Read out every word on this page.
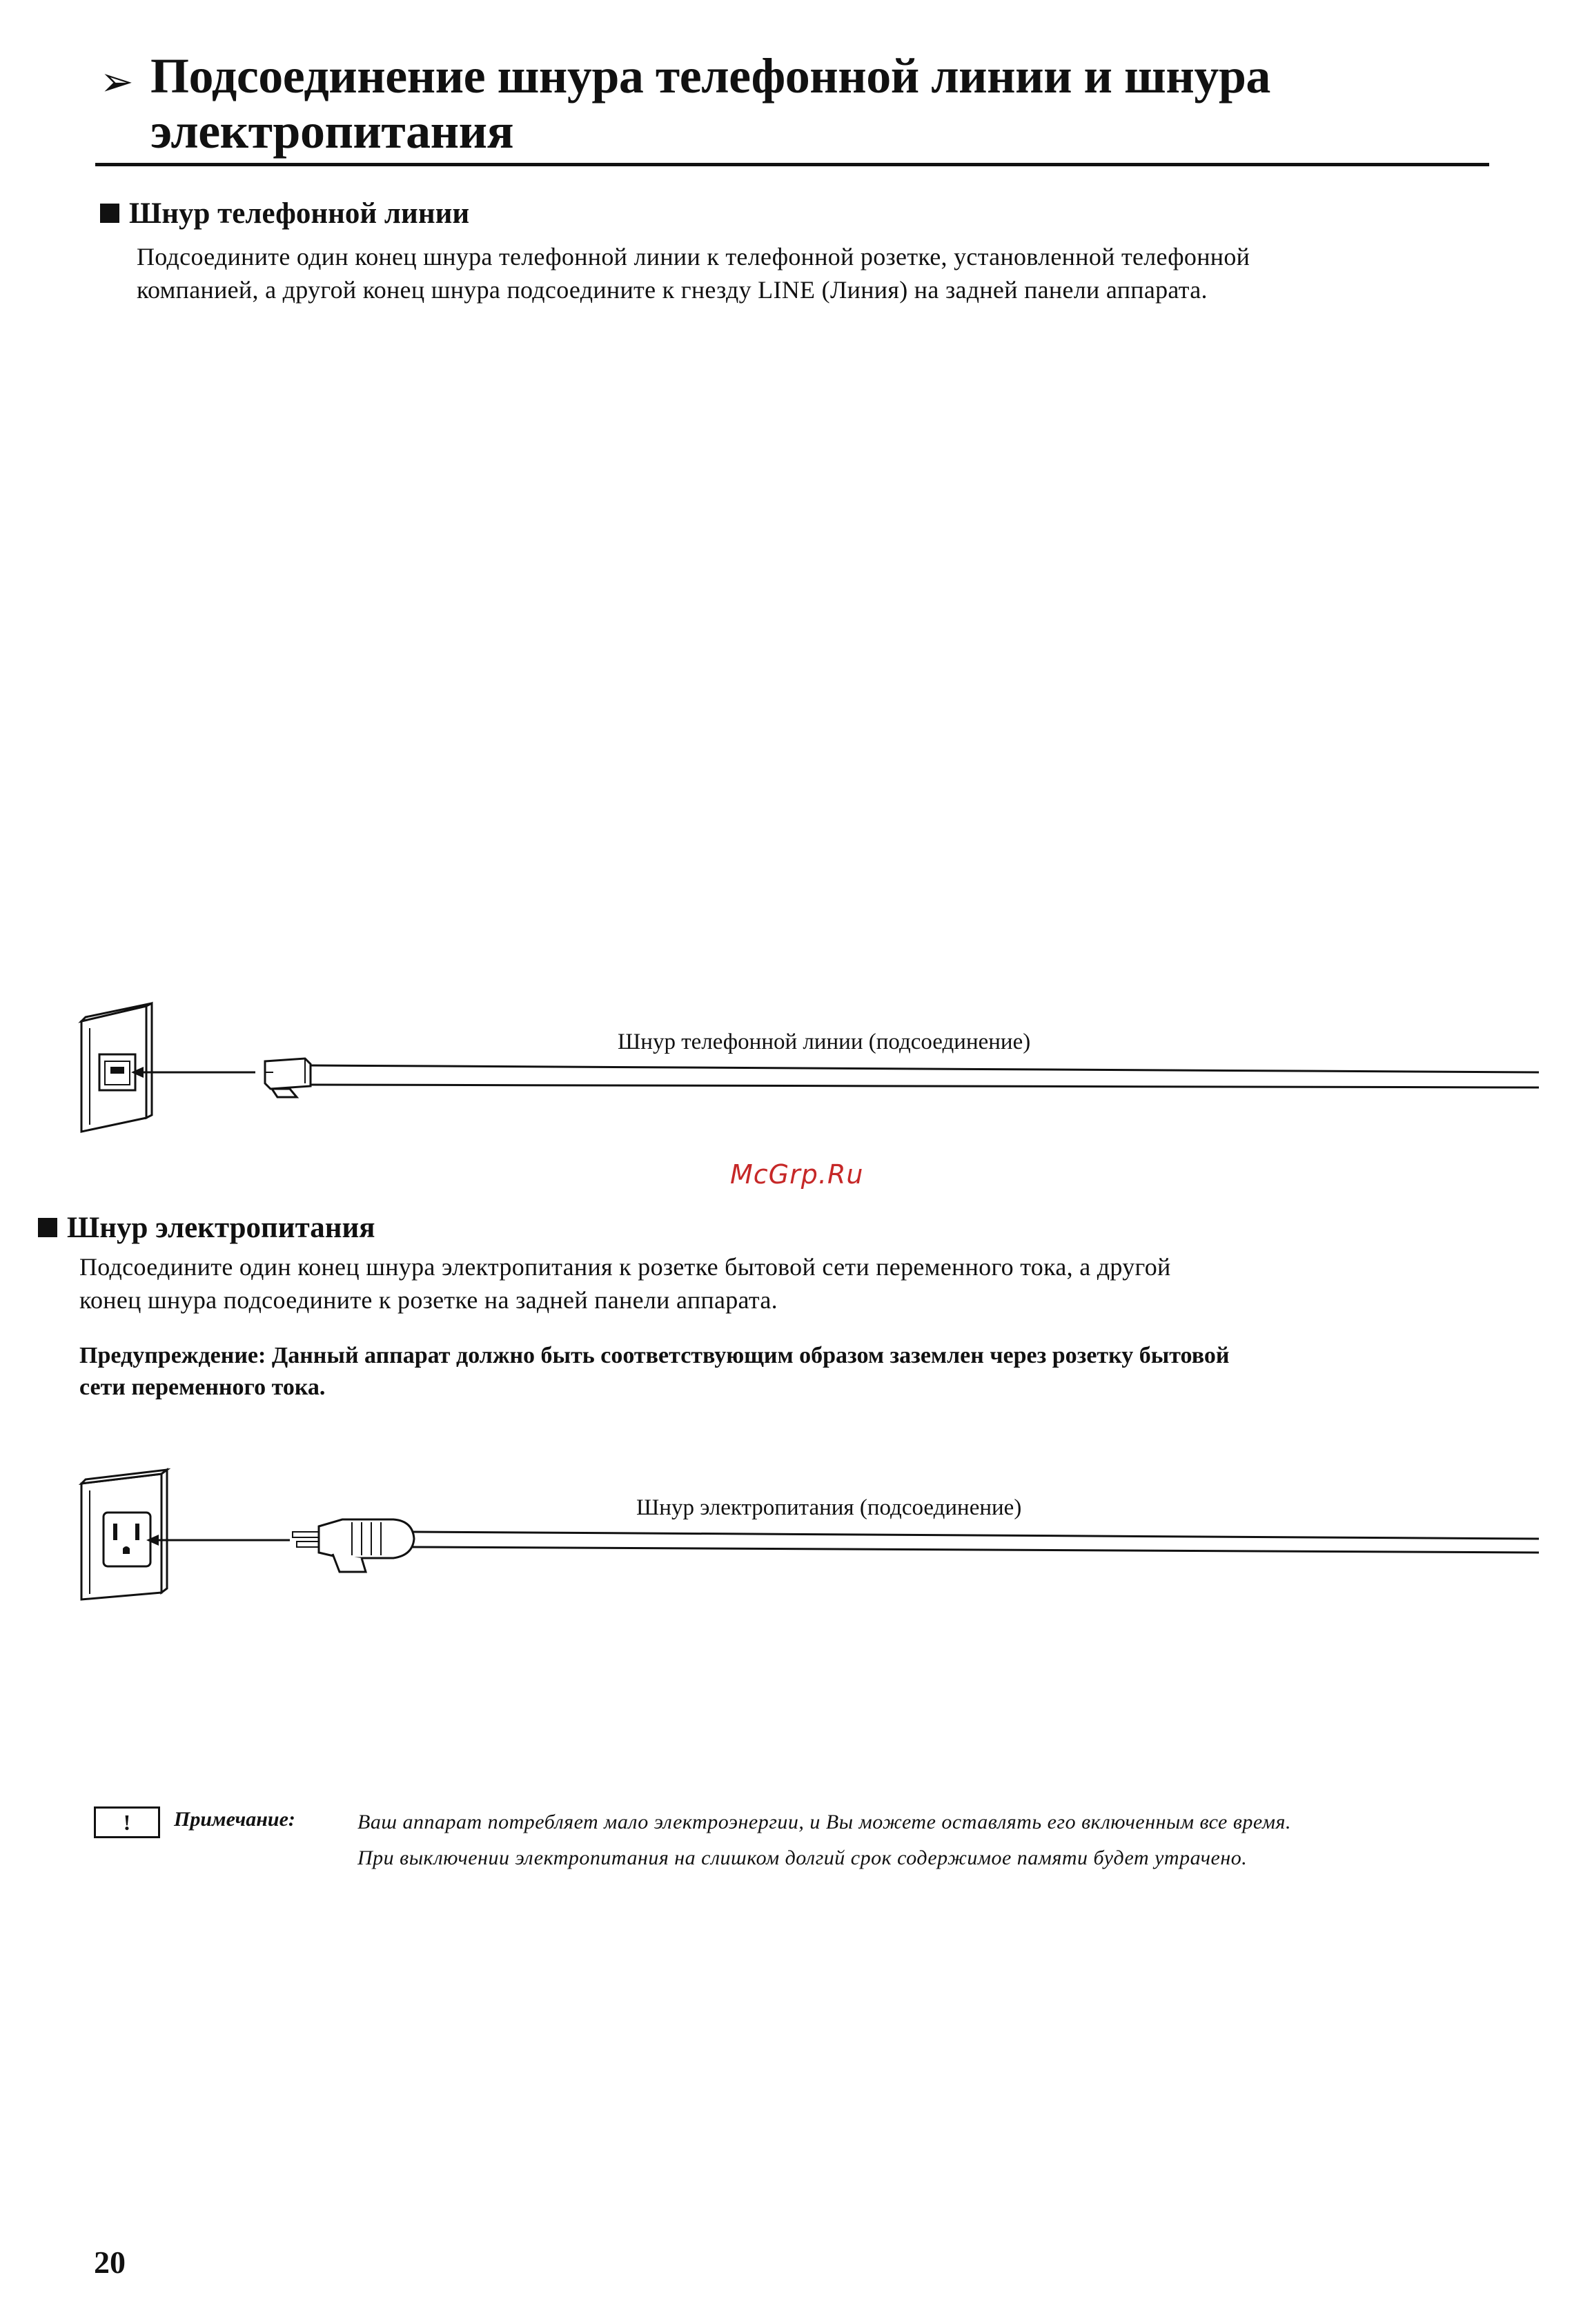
➢ Подсоединение шнура телефонной линии и шнура
электропитания
Шнур телефонной линии
Подсоедините один конец шнура телефонной линии к телефонной розетке, установленной телефонной
компанией, а другой конец шнура подсоедините к гнезду LINE (Линия) на задней панели аппарата.
Шнур телефонной линии (подсоединение)
McGrp.Ru
Шнур электропитания
Подсоедините один конец шнура электропитания к розетке бытовой сети переменного тока, а другой
конец шнура подсоедините к розетке на задней панели аппарата.
Предупреждение: Данный аппарат должно быть соответствующим образом заземлен через розетку бытовой
сети переменного тока.
Шнур электропитания (подсоединение)
!	Примечание:	Ваш аппарат потребляет мало электроэнергии, и Вы можете оставлять его включенным все время.
При выключении электропитания на слишком долгий срок содержимое памяти будет утрачено.
20
